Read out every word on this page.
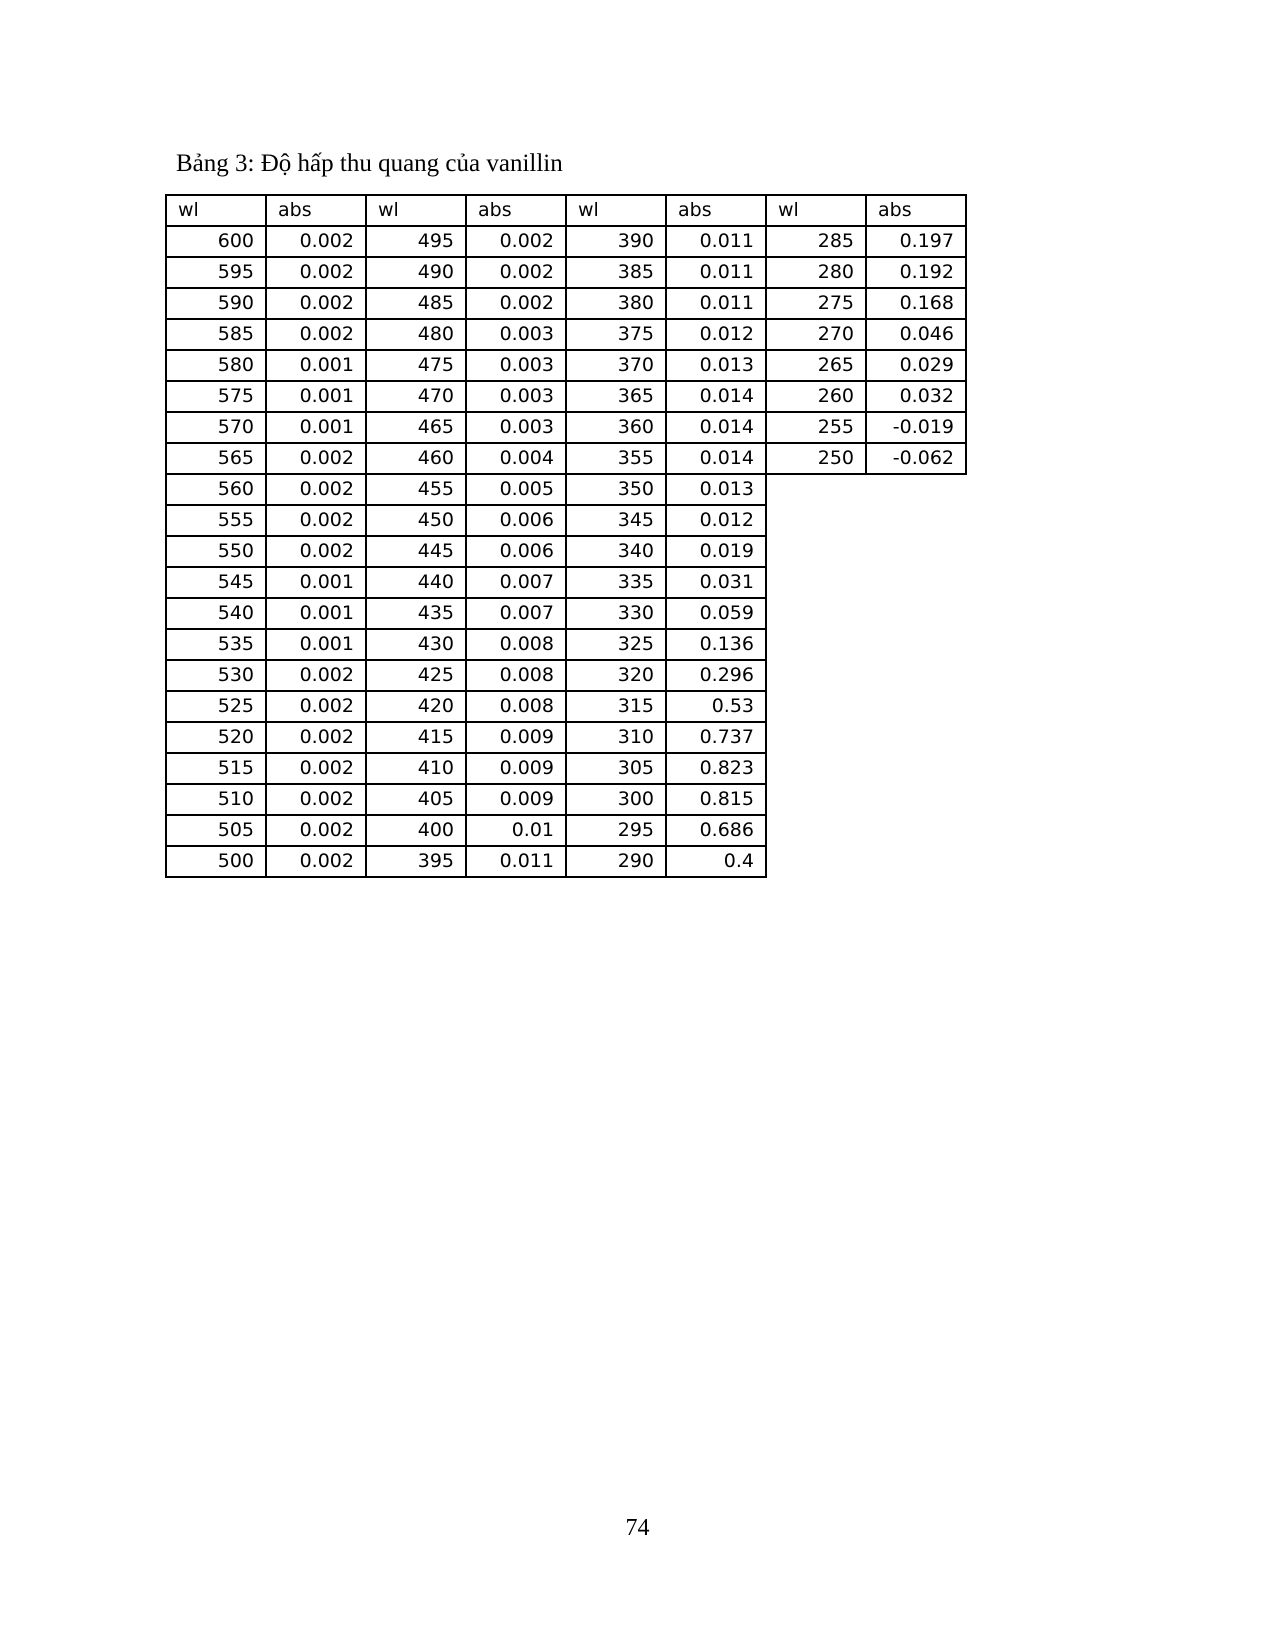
Bảng 3: Độ hấp thu quang của vanillin
wl	abs	wl	abs	wl	abs	wl	abs
600	0.002	495	0.002	390	0.011	285	0.197
595	0.002	490	0.002	385	0.011	280	0.192
590	0.002	485	0.002	380	0.011	275	0.168
585	0.002	480	0.003	375	0.012	270	0.046
580	0.001	475	0.003	370	0.013	265	0.029
575	0.001	470	0.003	365	0.014	260	0.032
570	0.001	465	0.003	360	0.014	255	-0.019
565	0.002	460	0.004	355	0.014	250	-0.062
560	0.002	455	0.005	350	0.013		
555	0.002	450	0.006	345	0.012		
550	0.002	445	0.006	340	0.019		
545	0.001	440	0.007	335	0.031		
540	0.001	435	0.007	330	0.059		
535	0.001	430	0.008	325	0.136		
530	0.002	425	0.008	320	0.296		
525	0.002	420	0.008	315	0.53		
520	0.002	415	0.009	310	0.737		
515	0.002	410	0.009	305	0.823		
510	0.002	405	0.009	300	0.815		
505	0.002	400	0.01	295	0.686		
500	0.002	395	0.011	290	0.4		

74
